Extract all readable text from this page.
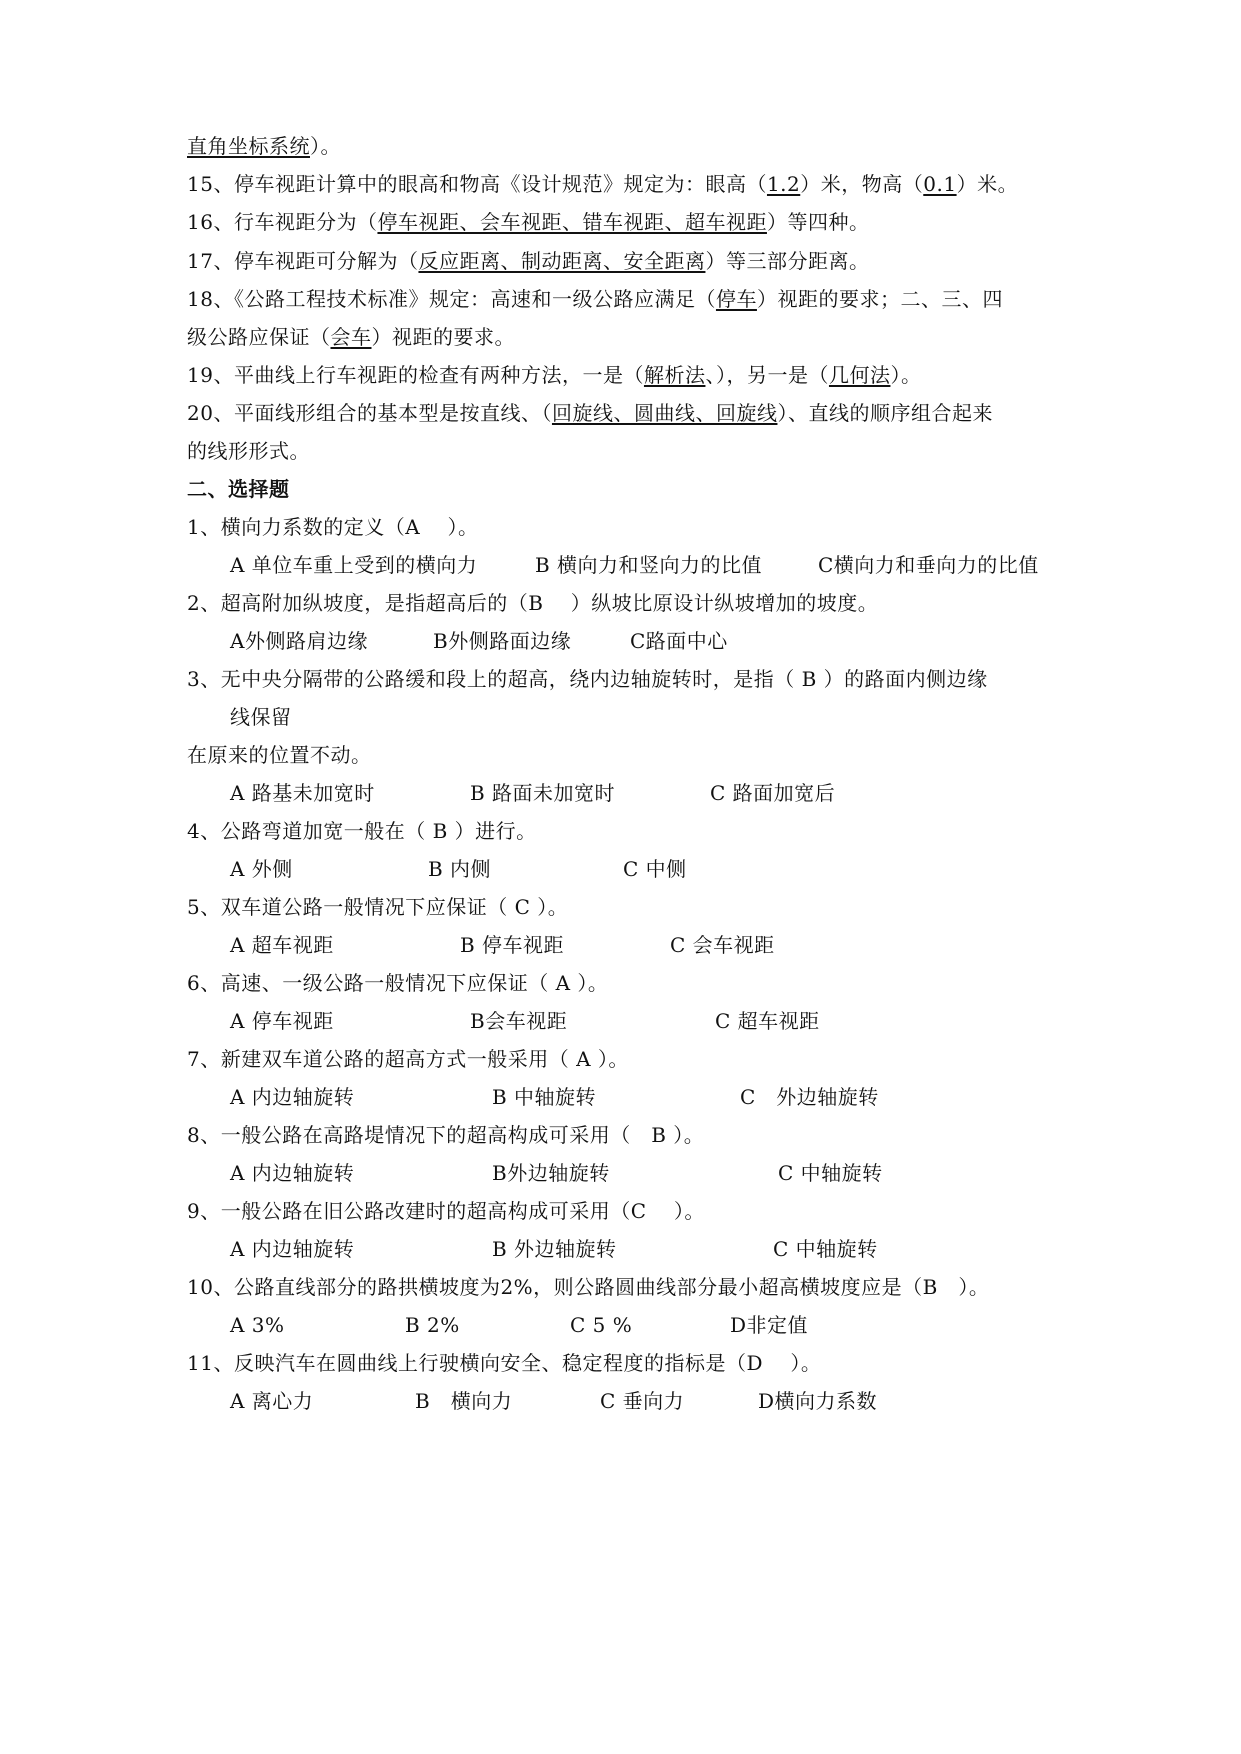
直角坐标系统）。
15、停车视距计算中的眼高和物高《设计规范》规定为：眼高（1.2）米，物高（0.1）米。
16、行车视距分为（停车视距、会车视距、错车视距、超车视距）等四种。
17、停车视距可分解为（反应距离、制动距离、安全距离）等三部分距离。
18、《公路工程技术标准》规定：高速和一级公路应满足（停车）视距的要求；二、三、四
级公路应保证（会车）视距的要求。
19、平曲线上行车视距的检查有两种方法，一是（解析法、），另一是（几何法）。
20、平面线形组合的基本型是按直线、（回旋线、圆曲线、回旋线）、直线的顺序组合起来
的线形形式。
二、选择题
1、横向力系数的定义（A　 ）。
A 单位车重上受到的横向力	B 横向力和竖向力的比值	C横向力和垂向力的比值
2、超高附加纵坡度，是指超高后的（B　 ）纵坡比原设计纵坡增加的坡度。
A外侧路肩边缘	B外侧路面边缘	C路面中心
3、无中央分隔带的公路缓和段上的超高，绕内边轴旋转时，是指（ B ）的路面内侧边缘
线保留
在原来的位置不动。
A 路基未加宽时	B 路面未加宽时	C 路面加宽后
4、公路弯道加宽一般在（ B ）进行。
A 外侧	B 内侧	C 中侧
5、双车道公路一般情况下应保证（ C ）。
A 超车视距	B 停车视距	C 会车视距
6、高速、一级公路一般情况下应保证（ A ）。
A 停车视距	B会车视距	C 超车视距
7、新建双车道公路的超高方式一般采用（ A ）。
A 内边轴旋转	B 中轴旋转	C　外边轴旋转
8、一般公路在高路堤情况下的超高构成可采用（　B ）。
A 内边轴旋转	B外边轴旋转	C 中轴旋转
9、一般公路在旧公路改建时的超高构成可采用（C　 ）。
A 内边轴旋转	B 外边轴旋转	C 中轴旋转
10、公路直线部分的路拱横坡度为2%，则公路圆曲线部分最小超高横坡度应是（B　）。
A 3%	B 2%	C 5 %	D非定值
11、反映汽车在圆曲线上行驶横向安全、稳定程度的指标是（D　 ）。
A 离心力	B　横向力	C 垂向力	D横向力系数
